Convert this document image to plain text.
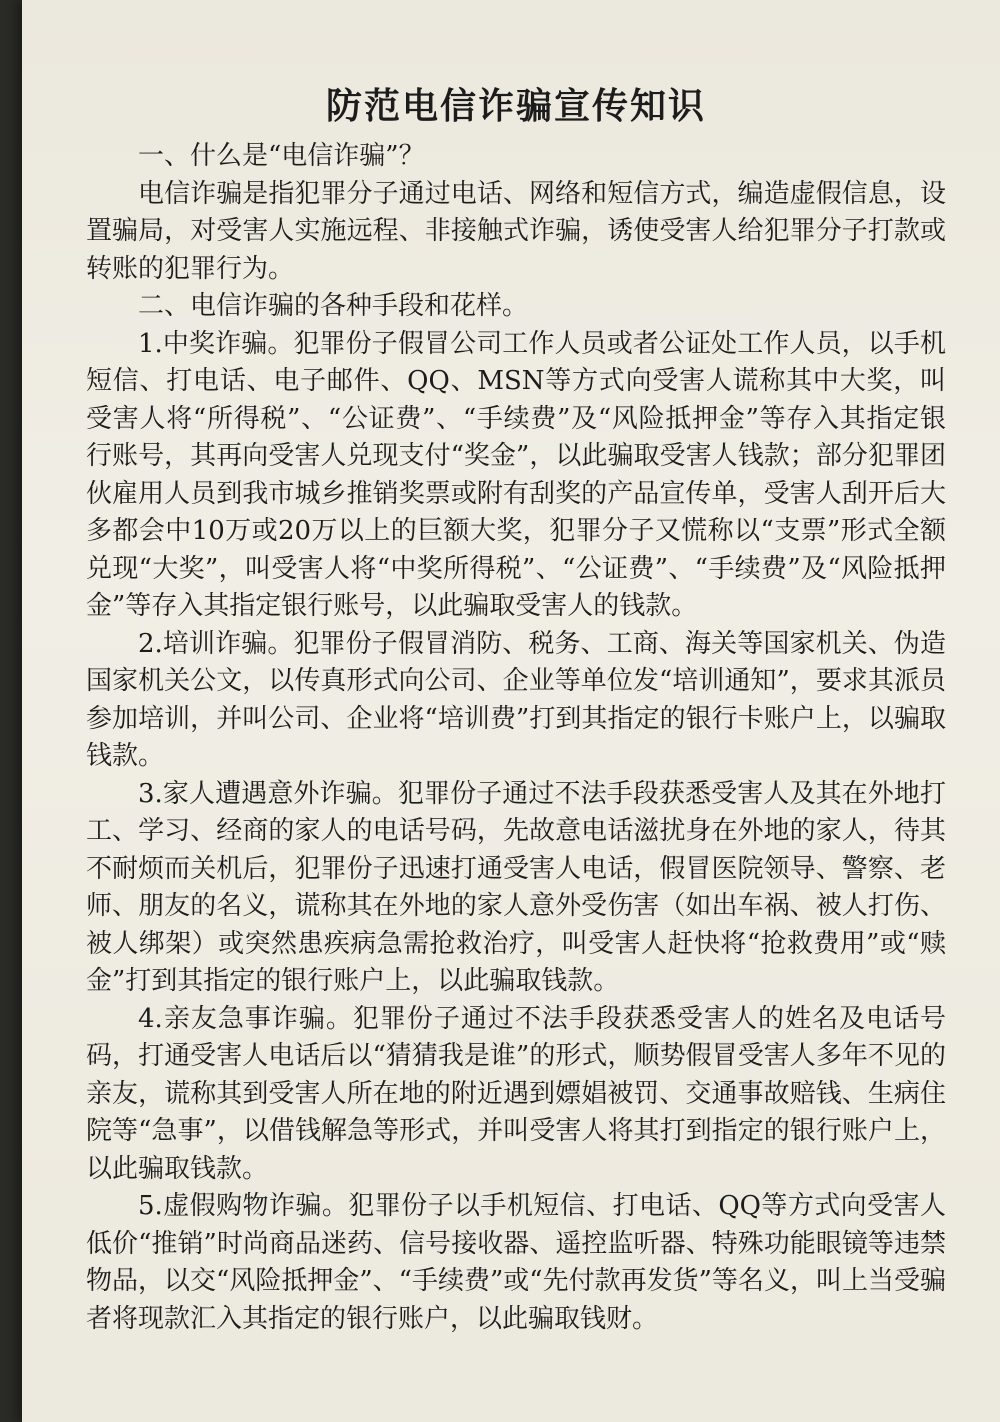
防范电信诈骗宣传知识

一、什么是“电信诈骗”？

电信诈骗是指犯罪分子通过电话、网络和短信方式，编造虚假信息，设置骗局，对受害人实施远程、非接触式诈骗，诱使受害人给犯罪分子打款或转账的犯罪行为。

二、电信诈骗的各种手段和花样。

1.中奖诈骗。犯罪份子假冒公司工作人员或者公证处工作人员，以手机短信、打电话、电子邮件、QQ、MSN等方式向受害人谎称其中大奖，叫受害人将“所得税”、“公证费”、“手续费”及“风险抵押金”等存入其指定银行账号，其再向受害人兑现支付“奖金”，以此骗取受害人钱款；部分犯罪团伙雇用人员到我市城乡推销奖票或附有刮奖的产品宣传单，受害人刮开后大多都会中10万或20万以上的巨额大奖，犯罪分子又慌称以“支票”形式全额兑现“大奖”，叫受害人将“中奖所得税”、“公证费”、“手续费”及“风险抵押金”等存入其指定银行账号，以此骗取受害人的钱款。

2.培训诈骗。犯罪份子假冒消防、税务、工商、海关等国家机关、伪造国家机关公文，以传真形式向公司、企业等单位发“培训通知”，要求其派员参加培训，并叫公司、企业将“培训费”打到其指定的银行卡账户上，以骗取钱款。

3.家人遭遇意外诈骗。犯罪份子通过不法手段获悉受害人及其在外地打工、学习、经商的家人的电话号码，先故意电话滋扰身在外地的家人，待其不耐烦而关机后，犯罪份子迅速打通受害人电话，假冒医院领导、警察、老师、朋友的名义，谎称其在外地的家人意外受伤害（如出车祸、被人打伤、被人绑架）或突然患疾病急需抢救治疗，叫受害人赶快将“抢救费用”或“赎金”打到其指定的银行账户上，以此骗取钱款。

4.亲友急事诈骗。犯罪份子通过不法手段获悉受害人的姓名及电话号码，打通受害人电话后以“猜猜我是谁”的形式，顺势假冒受害人多年不见的亲友，谎称其到受害人所在地的附近遇到嫖娼被罚、交通事故赔钱、生病住院等“急事”，以借钱解急等形式，并叫受害人将其打到指定的银行账户上，以此骗取钱款。

5.虚假购物诈骗。犯罪份子以手机短信、打电话、QQ等方式向受害人低价“推销”时尚商品迷药、信号接收器、遥控监听器、特殊功能眼镜等违禁物品，以交“风险抵押金”、“手续费”或“先付款再发货”等名义，叫上当受骗者将现款汇入其指定的银行账户，以此骗取钱财。
